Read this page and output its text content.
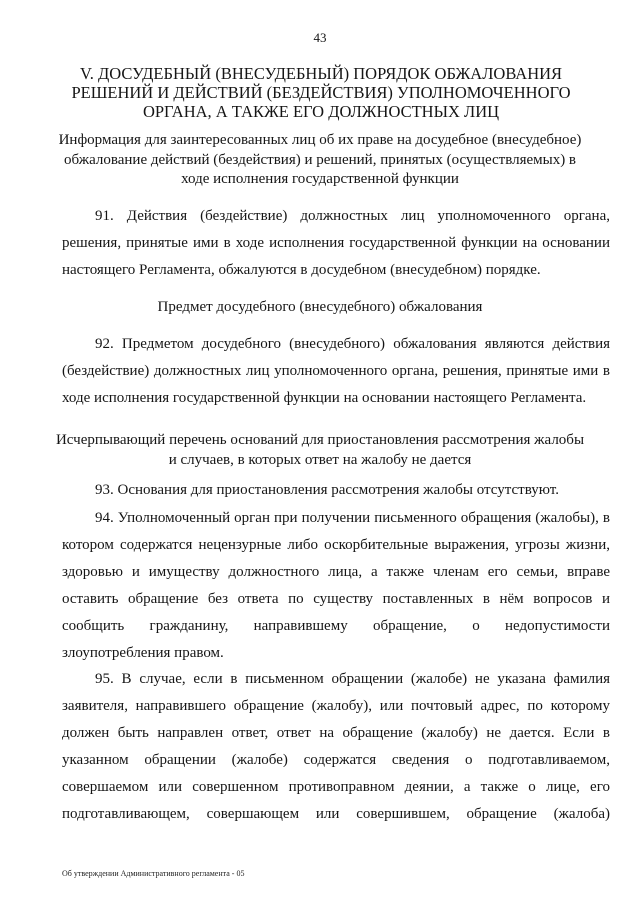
43
V. ДОСУДЕБНЫЙ (ВНЕСУДЕБНЫЙ) ПОРЯДОК ОБЖАЛОВАНИЯ РЕШЕНИЙ И ДЕЙСТВИЙ (БЕЗДЕЙСТВИЯ) УПОЛНОМОЧЕННОГО ОРГАНА, А ТАКЖЕ ЕГО ДОЛЖНОСТНЫХ ЛИЦ
Информация для заинтересованных лиц об их праве на досудебное (внесудебное) обжалование действий (бездействия) и решений, принятых (осуществляемых) в ходе исполнения государственной функции

91. Действия (бездействие) должностных лиц уполномоченного органа, решения, принятые ими в ходе исполнения государственной функции на основании настоящего Регламента, обжалуются в досудебном (внесудебном) порядке.

Предмет досудебного (внесудебного) обжалования

92. Предметом досудебного (внесудебного) обжалования являются действия (бездействие) должностных лиц уполномоченного органа, решения, принятые ими в ходе исполнения государственной функции на основании настоящего Регламента.

Исчерпывающий перечень оснований для приостановления рассмотрения жалобы и случаев, в которых ответ на жалобу не дается

93. Основания для приостановления рассмотрения жалобы отсутствуют.

94. Уполномоченный орган при получении письменного обращения (жалобы), в котором содержатся нецензурные либо оскорбительные выражения, угрозы жизни, здоровью и имуществу должностного лица, а также членам его семьи, вправе оставить обращение без ответа по существу поставленных в нём вопросов и сообщить гражданину, направившему обращение, о недопустимости злоупотребления правом.

95. В случае, если в письменном обращении (жалобе) не указана фамилия заявителя, направившего обращение (жалобу), или почтовый адрес, по которому должен быть направлен ответ, ответ на обращение (жалобу) не дается. Если в указанном обращении (жалобе) содержатся сведения о подготавливаемом, совершаемом или совершенном противоправном деянии, а также о лице, его подготавливающем, совершающем или совершившем, обращение (жалоба)

Об утверждении Административного регламента - 05
